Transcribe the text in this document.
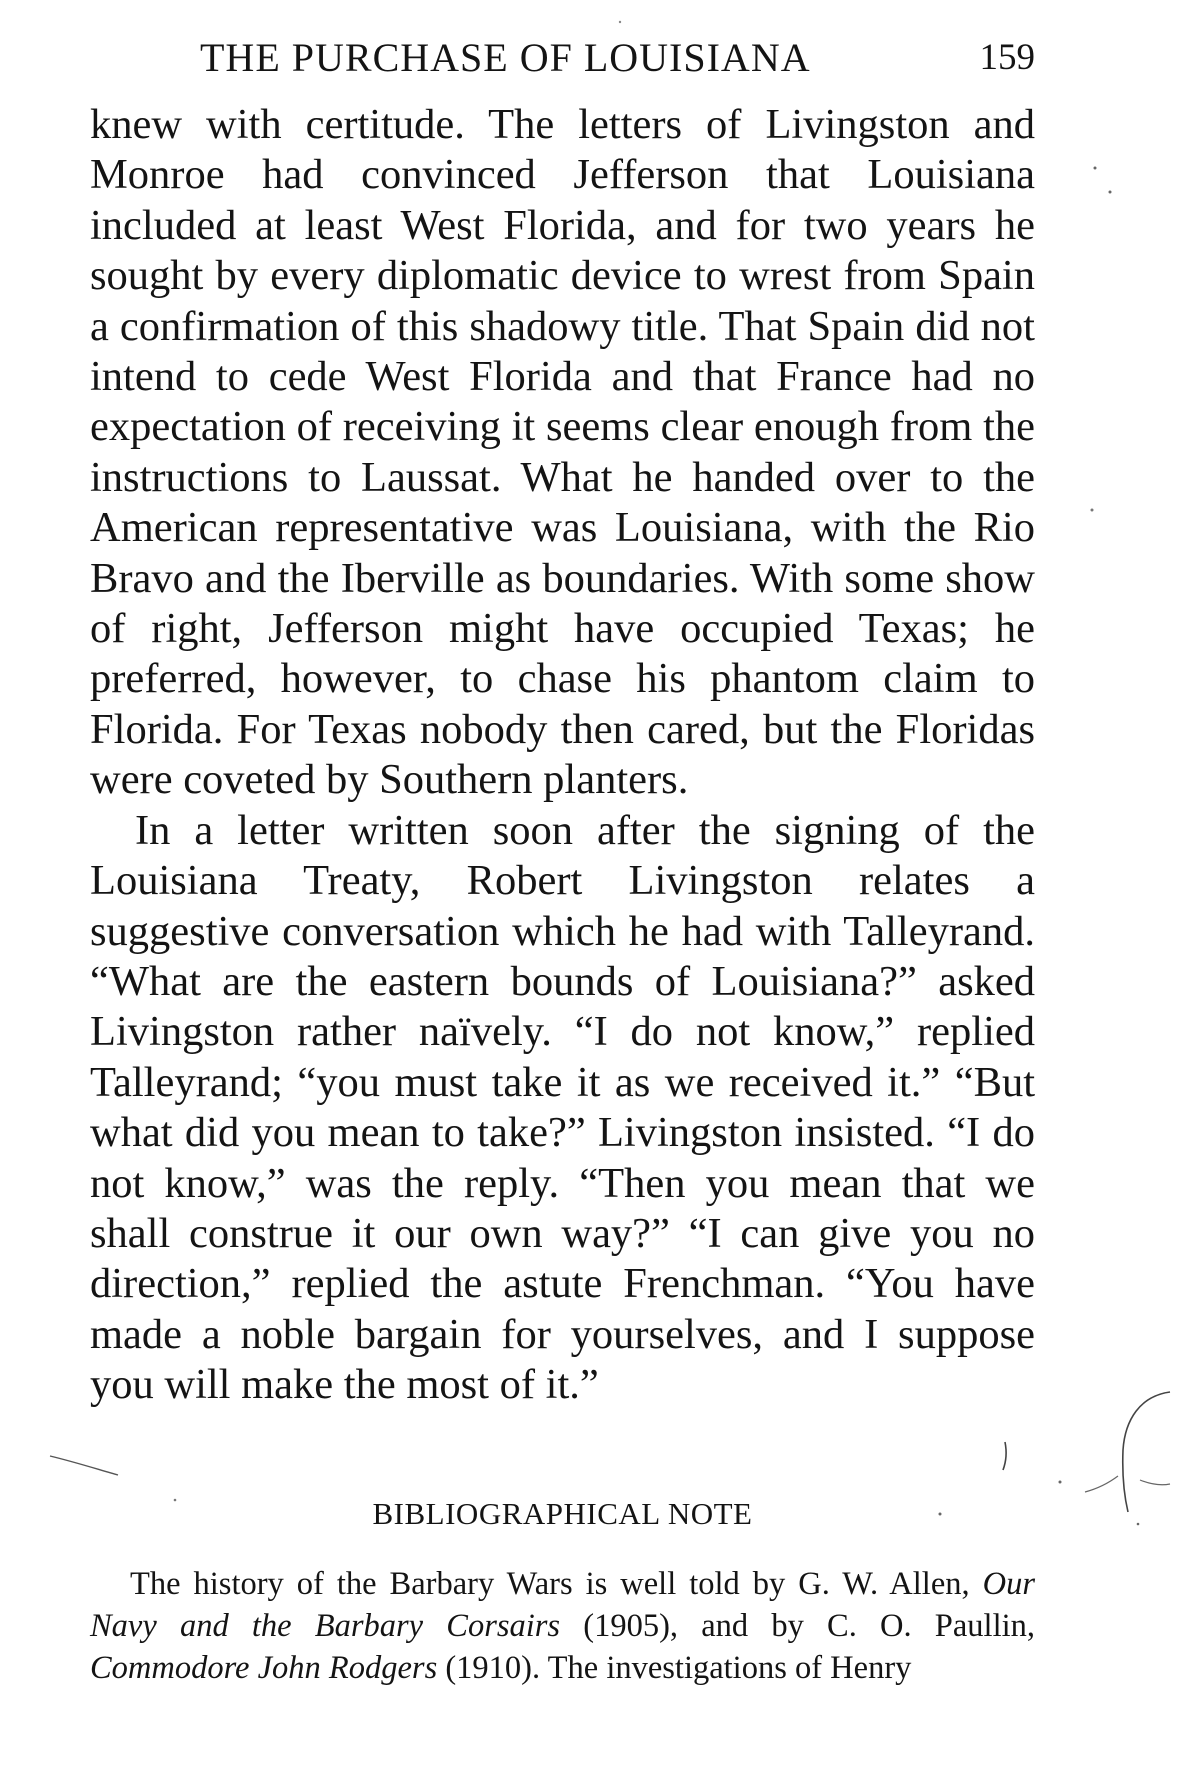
THE PURCHASE OF LOUISIANA	159

knew with certitude. The letters of Livingston and Monroe had convinced Jefferson that Louisiana included at least West Florida, and for two years he sought by every diplomatic device to wrest from Spain a confirmation of this shadowy title. That Spain did not intend to cede West Florida and that France had no expectation of receiving it seems clear enough from the instructions to Laussat. What he handed over to the American representative was Louisiana, with the Rio Bravo and the Iberville as boundaries. With some show of right, Jefferson might have occupied Texas; he preferred, however, to chase his phantom claim to Florida. For Texas nobody then cared, but the Floridas were coveted by Southern planters.

In a letter written soon after the signing of the Louisiana Treaty, Robert Livingston relates a suggestive conversation which he had with Talleyrand. “What are the eastern bounds of Louisiana?” asked Livingston rather naïvely. “I do not know,” replied Talleyrand; “you must take it as we received it.” “But what did you mean to take?” Livingston insisted. “I do not know,” was the reply. “Then you mean that we shall construe it our own way?” “I can give you no direction,” replied the astute Frenchman. “You have made a noble bargain for yourselves, and I suppose you will make the most of it.”

BIBLIOGRAPHICAL NOTE

The history of the Barbary Wars is well told by G. W. Allen, Our Navy and the Barbary Corsairs (1905), and by C. O. Paullin, Commodore John Rodgers (1910). The investigations of Henry
